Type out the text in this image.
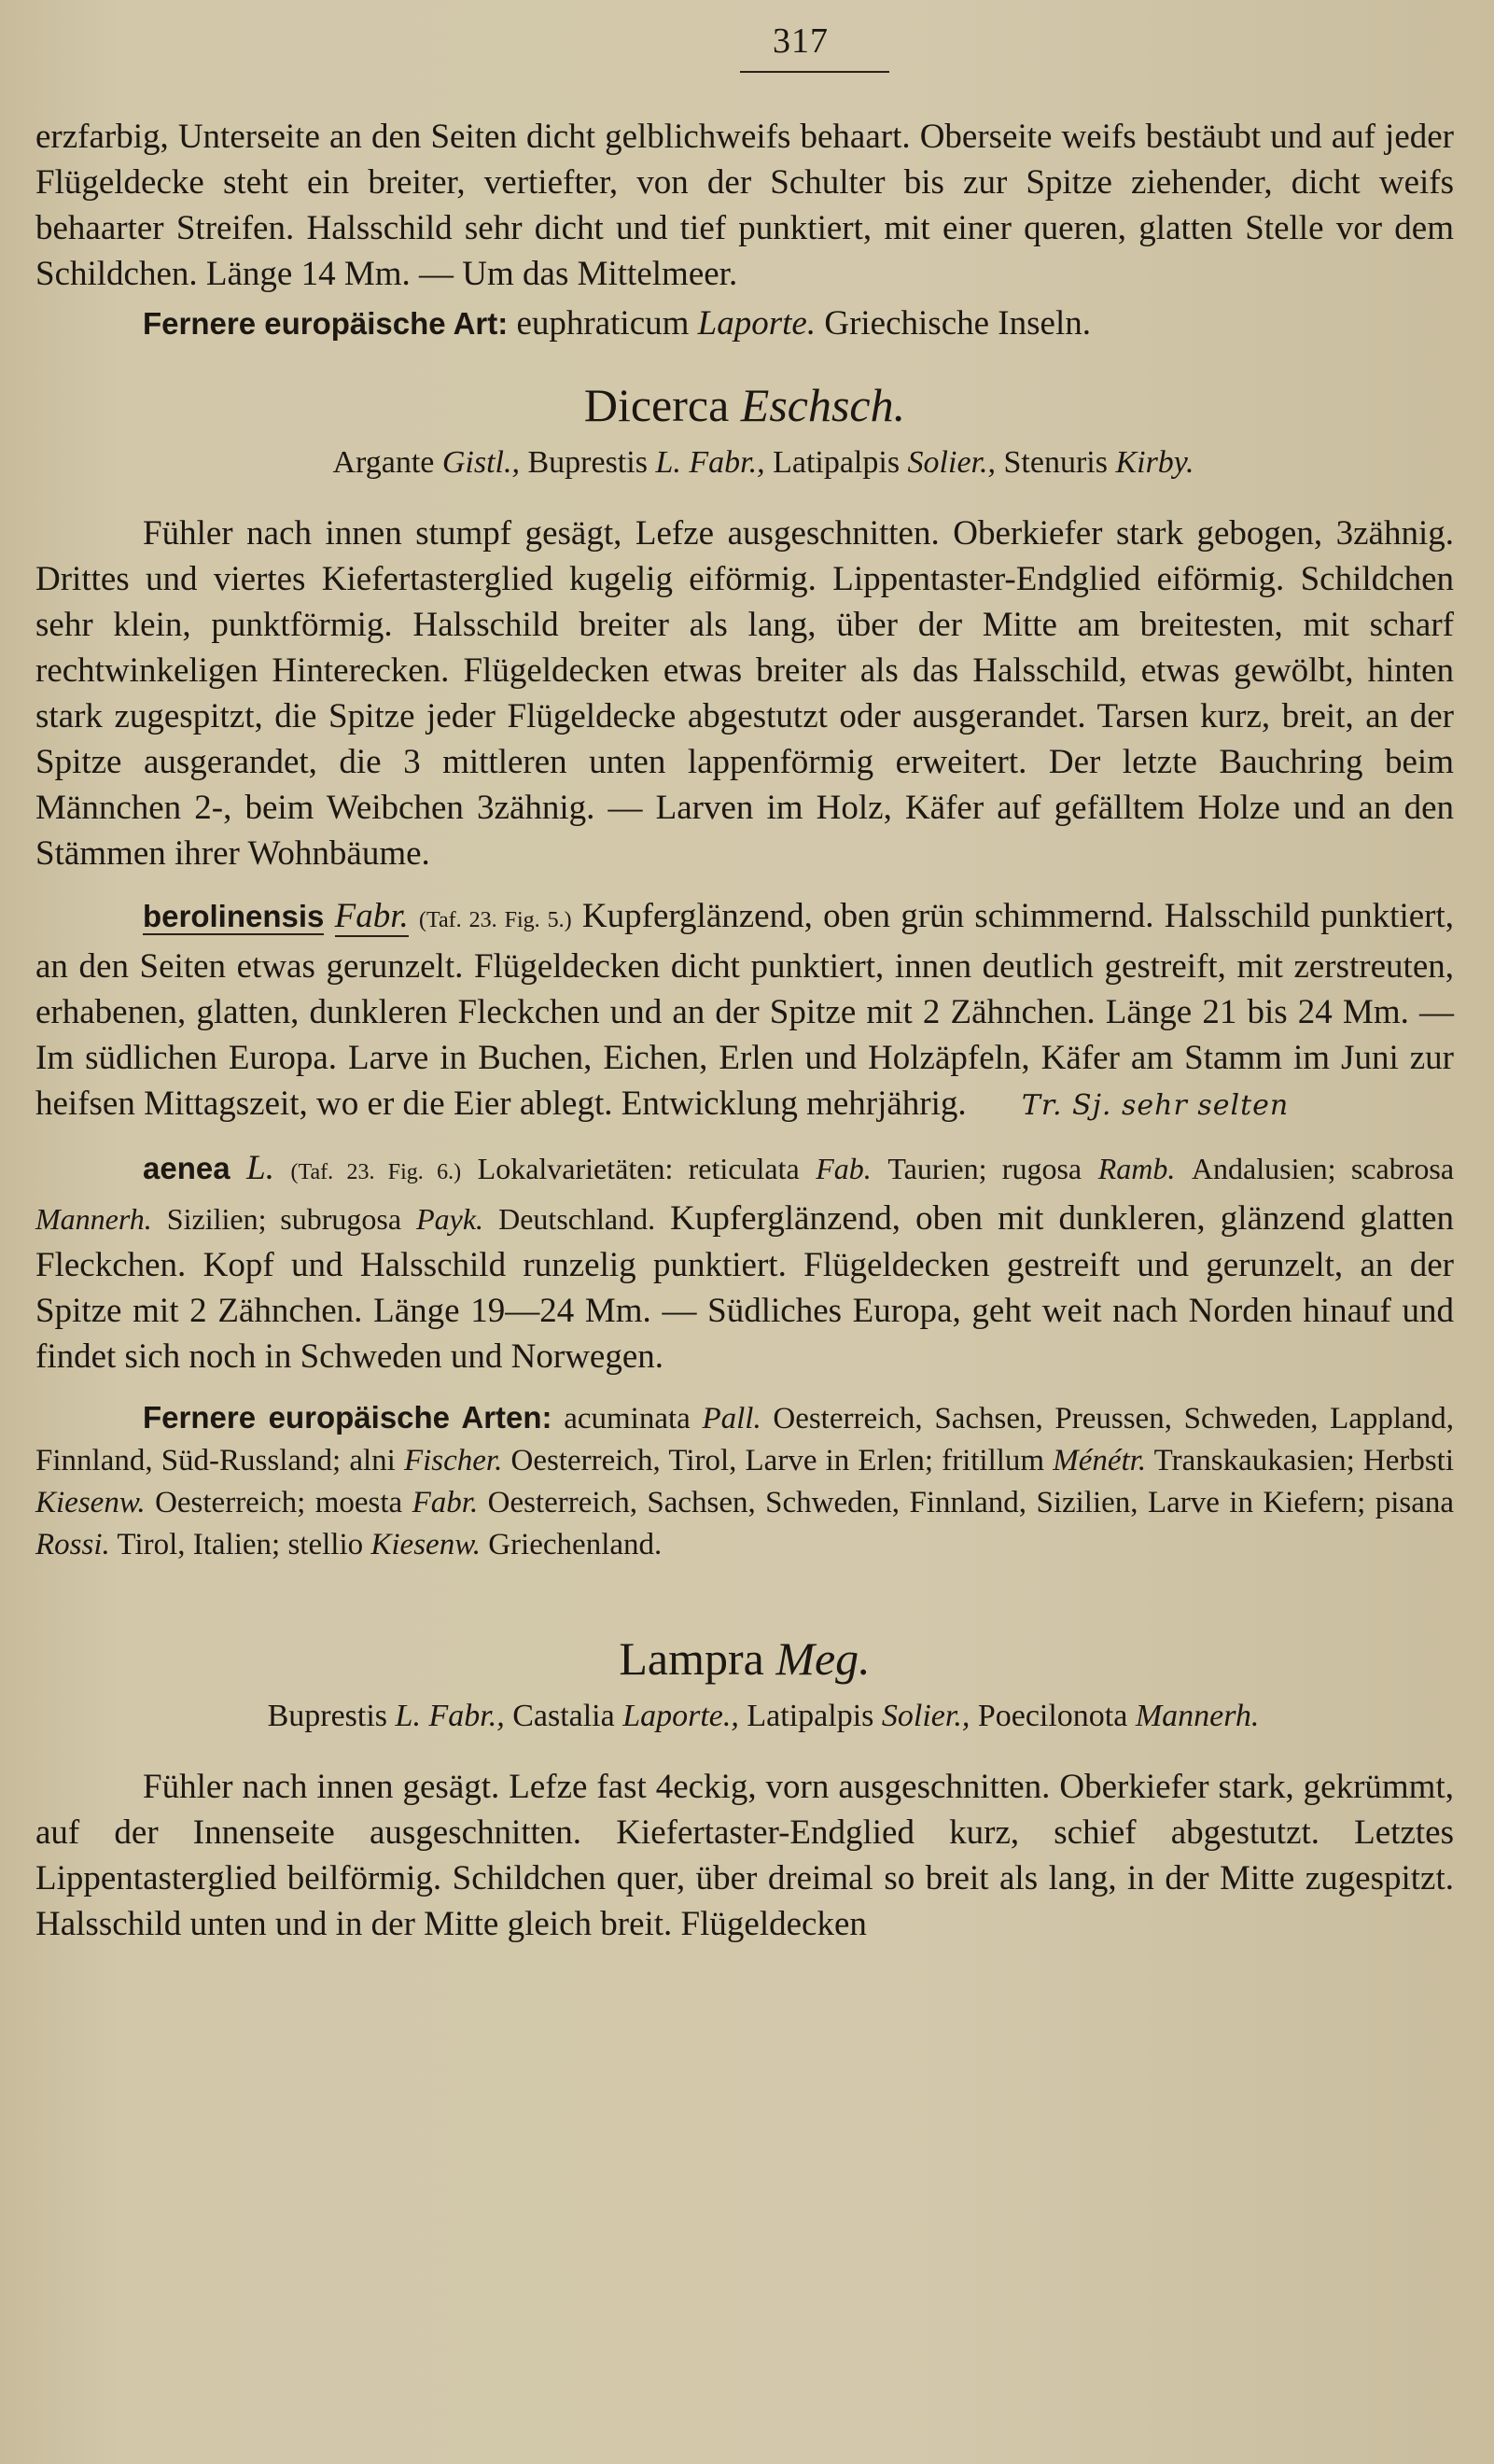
317

erzfarbig, Unterseite an den Seiten dicht gelblichweifs behaart. Oberseite weifs bestäubt und auf jeder Flügeldecke steht ein breiter, vertiefter, von der Schulter bis zur Spitze ziehender, dicht weifs behaarter Streifen. Halsschild sehr dicht und tief punktiert, mit einer queren, glatten Stelle vor dem Schildchen. Länge 14 Mm. — Um das Mittelmeer.

Fernere europäische Art: euphraticum Laporte. Griechische Inseln.

Dicerca Eschsch.
Argante Gistl., Buprestis L. Fabr., Latipalpis Solier., Stenuris Kirby.

Fühler nach innen stumpf gesägt, Lefze ausgeschnitten. Oberkiefer stark gebogen, 3zähnig. Drittes und viertes Kiefertasterglied kugelig eiförmig. Lippentaster-Endglied eiförmig. Schildchen sehr klein, punktförmig. Halsschild breiter als lang, über der Mitte am breitesten, mit scharf rechtwinkeligen Hinterecken. Flügeldecken etwas breiter als das Halsschild, etwas gewölbt, hinten stark zugespitzt, die Spitze jeder Flügeldecke abgestutzt oder ausgerandet. Tarsen kurz, breit, an der Spitze ausgerandet, die 3 mittleren unten lappenförmig erweitert. Der letzte Bauchring beim Männchen 2-, beim Weibchen 3zähnig. — Larven im Holz, Käfer auf gefälltem Holze und an den Stämmen ihrer Wohnbäume.

berolinensis Fabr. (Taf. 23. Fig. 5.) Kupferglänzend, oben grün schimmernd. Halsschild punktiert, an den Seiten etwas gerunzelt. Flügeldecken dicht punktiert, innen deutlich gestreift, mit zerstreuten, erhabenen, glatten, dunkleren Fleckchen und an der Spitze mit 2 Zähnchen. Länge 21 bis 24 Mm. — Im südlichen Europa. Larve in Buchen, Eichen, Erlen und Holzäpfeln, Käfer am Stamm im Juni zur heifsen Mittagszeit, wo er die Eier ablegt. Entwicklung mehrjährig. Tr. Sj. sehr selten

aenea L. (Taf. 23. Fig. 6.) Lokalvarietäten: reticulata Fab. Taurien; rugosa Ramb. Andalusien; scabrosa Mannerh. Sizilien; subrugosa Payk. Deutschland. Kupferglänzend, oben mit dunkleren, glänzend glatten Fleckchen. Kopf und Halsschild runzelig punktiert. Flügeldecken gestreift und gerunzelt, an der Spitze mit 2 Zähnchen. Länge 19—24 Mm. — Südliches Europa, geht weit nach Norden hinauf und findet sich noch in Schweden und Norwegen.

Fernere europäische Arten: acuminata Pall. Oesterreich, Sachsen, Preussen, Schweden, Lappland, Finnland, Süd-Russland; alni Fischer. Oesterreich, Tirol, Larve in Erlen; fritillum Ménétr. Transkaukasien; Herbsti Kiesenw. Oesterreich; moesta Fabr. Oesterreich, Sachsen, Schweden, Finnland, Sizilien, Larve in Kiefern; pisana Rossi. Tirol, Italien; stellio Kiesenw. Griechenland.

Lampra Meg.
Buprestis L. Fabr., Castalia Laporte., Latipalpis Solier., Poecilonota Mannerh.

Fühler nach innen gesägt. Lefze fast 4eckig, vorn ausgeschnitten. Oberkiefer stark, gekrümmt, auf der Innenseite ausgeschnitten. Kiefertaster-Endglied kurz, schief abgestutzt. Letztes Lippentasterglied beilförmig. Schildchen quer, über dreimal so breit als lang, in der Mitte zugespitzt. Halsschild unten und in der Mitte gleich breit. Flügeldecken
